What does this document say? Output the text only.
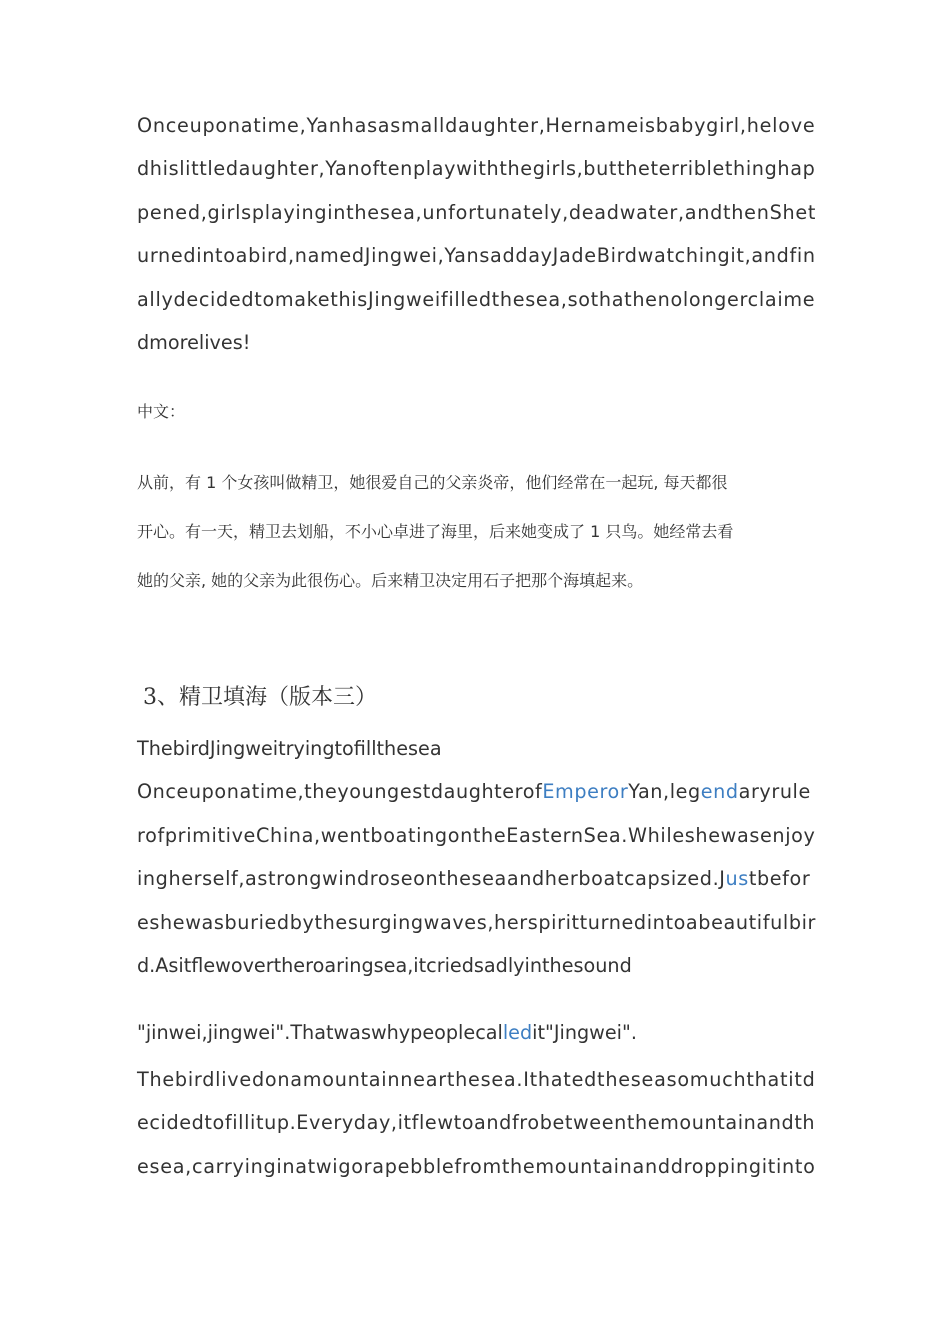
Onceuponatime,Yanhasasmalldaughter,Hernameisbabygirl,helove
dhislittledaughter,Yanoftenplaywiththegirls,buttheterriblethinghap
pened,girlsplayinginthesea,unfortunately,deadwater,andthenShet
urnedintoabird,namedJingwei,YansaddayJadeBirdwatchingit,andfin
allydecidedtomakethisJingweifilledthesea,sothathenolongerclaime
dmorelives!
中文：
从前，有 1 个女孩叫做精卫，她很爱自己的父亲炎帝，他们经常在一起玩, 每天都很
开心。有一天，精卫去划船，不小心卓进了海里，后来她变成了 1 只鸟。她经常去看
她的父亲, 她的父亲为此很伤心。后来精卫决定用石子把那个海填起来。
3、精卫填海（版本三）
ThebirdJingweitryingtofillthesea
Onceuponatime,theyoungestdaughterofEmperorYan,legendaryrule
rofprimitiveChina,wentboatingontheEasternSea.Whileshewasenjoy
ingherself,astrongwindroseontheseaandherboatcapsized.Justbefor
eshewasburiedbythesurgingwaves,herspiritturnedintoabeautifulbir
d.Asitflewovertheroaringsea,itcriedsadlyinthesound
"jinwei,jingwei".Thatwaswhypeoplecalledit"Jingwei".
Thebirdlivedonamountainnearthesea.Ithatedtheseasomuchthatitd
ecidedtofillitup.Everyday,itflewtoandfrobetweenthemountainandth
esea,carryinginatwigorapebblefromthemountainanddroppingitinto
